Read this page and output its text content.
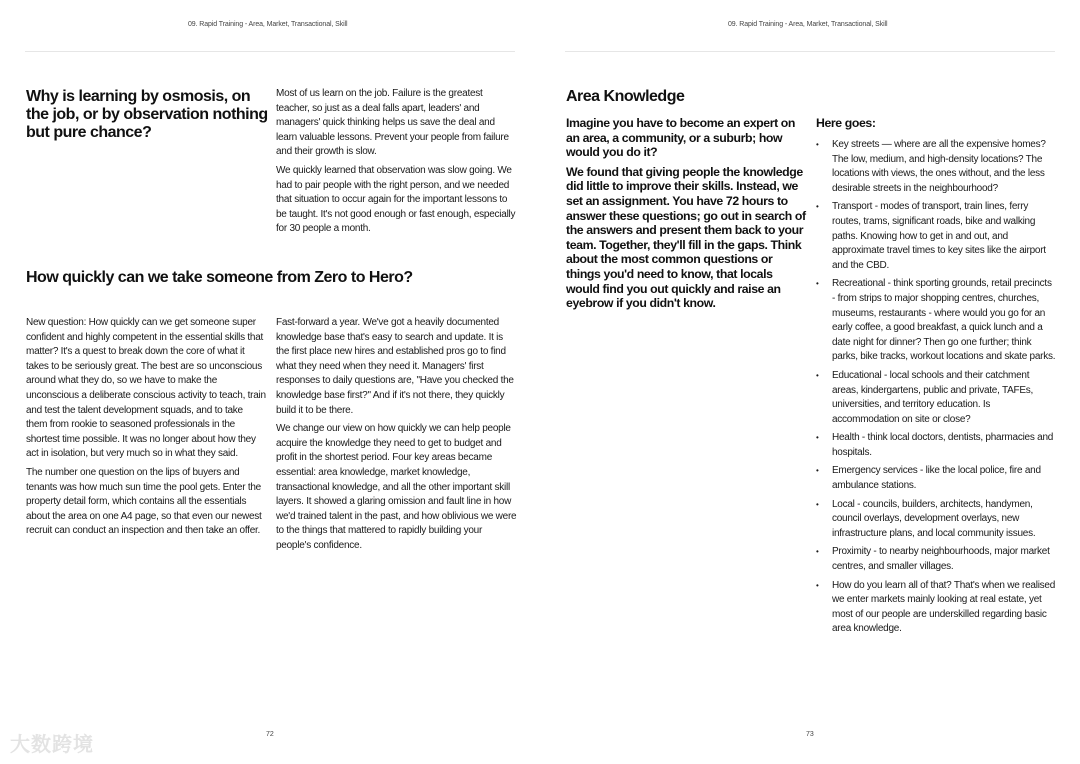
09. Rapid Training - Area, Market, Transactional, Skill
Why is learning by osmosis, on the job, or by observation nothing but pure chance?

Most of us learn on the job. Failure is the greatest teacher, so just as a deal falls apart, leaders' and managers' quick thinking helps us save the deal and learn valuable lessons. Prevent your people from failure and their growth is slow.

We quickly learned that observation was slow going. We had to pair people with the right person, and we needed that situation to occur again for the important lessons to be taught. It's not good enough or fast enough, especially for 30 people a month.

How quickly can we take someone from Zero to Hero?

New question: How quickly can we get someone super confident and highly competent in the essential skills that matter? It's a quest to break down the core of what it takes to be seriously great. The best are so unconscious around what they do, so we have to make the unconscious a deliberate conscious activity to teach, train and test the talent development squads, and to take them from rookie to seasoned professionals in the shortest time possible. It was no longer about how they act in isolation, but very much so in what they said.

The number one question on the lips of buyers and tenants was how much sun time the pool gets. Enter the property detail form, which contains all the essentials about the area on one A4 page, so that even our newest recruit can conduct an inspection and then take an offer.

Fast-forward a year. We've got a heavily documented knowledge base that's easy to search and update. It is the first place new hires and established pros go to find what they need when they need it. Managers' first responses to daily questions are, "Have you checked the knowledge base first?" And if it's not there, they quickly build it to be there.

We change our view on how quickly we can help people acquire the knowledge they need to get to budget and profit in the shortest period. Four key areas became essential: area knowledge, market knowledge, transactional knowledge, and all the other important skill layers. It showed a glaring omission and fault line in how we'd trained talent in the past, and how oblivious we were to the things that mattered to rapidly building your people's confidence.

72
大数跨境
09. Rapid Training - Area, Market, Transactional, Skill
Area Knowledge

Imagine you have to become an expert on an area, a community, or a suburb; how would you do it?

We found that giving people the knowledge did little to improve their skills. Instead, we set an assignment. You have 72 hours to answer these questions; go out in search of the answers and present them back to your team. Together, they'll fill in the gaps. Think about the most common questions or things you'd need to know, that locals would find you out quickly and raise an eyebrow if you didn't know.

Here goes:
• Key streets — where are all the expensive homes? The low, medium, and high-density locations? The locations with views, the ones without, and the less desirable streets in the neighbourhood?
• Transport - modes of transport, train lines, ferry routes, trams, significant roads, bike and walking paths. Knowing how to get in and out, and approximate travel times to key sites like the airport and the CBD.
• Recreational - think sporting grounds, retail precincts - from strips to major shopping centres, churches, museums, restaurants - where would you go for an early coffee, a good breakfast, a quick lunch and a date night for dinner? Then go one further; think parks, bike tracks, workout locations and skate parks.
• Educational - local schools and their catchment areas, kindergartens, public and private, TAFEs, universities, and territory education. Is accommodation on site or close?
• Health - think local doctors, dentists, pharmacies and hospitals.
• Emergency services - like the local police, fire and ambulance stations.
• Local - councils, builders, architects, handymen, council overlays, development overlays, new infrastructure plans, and local community issues.
• Proximity - to nearby neighbourhoods, major market centres, and smaller villages.
• How do you learn all of that? That's when we realised we enter markets mainly looking at real estate, yet most of our people are underskilled regarding basic area knowledge.
73
